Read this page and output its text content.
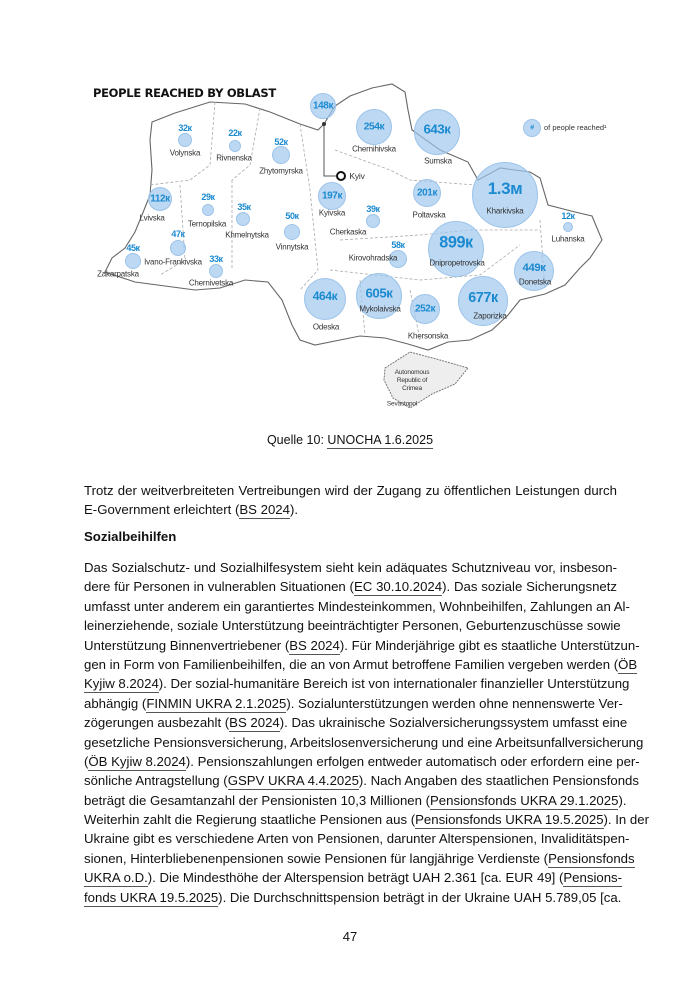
PEOPLE REACHED BY OBLAST
32к
Volynska
22к
Rivnenska
52к
Zhytomyrska
148к
254к
Chernihivska
643к
Sumska
112к
Lvivska
29к
Ternopilska
35к
Khmelnytska
50к
Vinnytska
197к
Kyivska 39к
Cherkaska
201к
Poltavska
1.3м
Kharkivska	12к
Luhanska
45к
Zakarpatska
47к
Ivano-Frankivska 33к
Chernivetska
58к
Kirovohradska
899к
Dnipropetrovska	449к
Donetska
464к
Odeska
605к
Mykolaivska 252к
Khersonska
677к
Zaporizka
Kyiv
# of people reached¹
Autonomous
Republic of
Crimea
Sevastopol
Quelle 10: UNOCHA 1.6.2025
Trotz der weitverbreiteten Vertreibungen wird der Zugang zu öffentlichen Leistungen durch
E-Government erleichtert (BS 2024).
Sozialbeihilfen
Das Sozialschutz- und Sozialhilfesystem sieht kein adäquates Schutzniveau vor, insbeson-
dere für Personen in vulnerablen Situationen (EC 30.10.2024). Das soziale Sicherungsnetz
umfasst unter anderem ein garantiertes Mindesteinkommen, Wohnbeihilfen, Zahlungen an Al-
leinerziehende, soziale Unterstützung beeinträchtigter Personen, Geburtenzuschüsse sowie
Unterstützung Binnenvertriebener (BS 2024). Für Minderjährige gibt es staatliche Unterstützun-
gen in Form von Familienbeihilfen, die an von Armut betroffene Familien vergeben werden (ÖB
Kyjiw 8.2024). Der sozial-humanitäre Bereich ist von internationaler finanzieller Unterstützung
abhängig (FINMIN UKRA 2.1.2025). Sozialunterstützungen werden ohne nennenswerte Ver-
zögerungen ausbezahlt (BS 2024). Das ukrainische Sozialversicherungssystem umfasst eine
gesetzliche Pensionsversicherung, Arbeitslosenversicherung und eine Arbeitsunfallversicherung
(ÖB Kyjiw 8.2024). Pensionszahlungen erfolgen entweder automatisch oder erfordern eine per-
sönliche Antragstellung (GSPV UKRA 4.4.2025). Nach Angaben des staatlichen Pensionsfonds
beträgt die Gesamtanzahl der Pensionisten 10,3 Millionen (Pensionsfonds UKRA 29.1.2025).
Weiterhin zahlt die Regierung staatliche Pensionen aus (Pensionsfonds UKRA 19.5.2025). In der
Ukraine gibt es verschiedene Arten von Pensionen, darunter Alterspensionen, Invaliditätspen-
sionen, Hinterbliebenenpensionen sowie Pensionen für langjährige Verdienste (Pensionsfonds
UKRA o.D.). Die Mindesthöhe der Alterspension beträgt UAH 2.361 [ca. EUR 49] (Pensions-
fonds UKRA 19.5.2025). Die Durchschnittspension beträgt in der Ukraine UAH 5.789,05 [ca.
47
